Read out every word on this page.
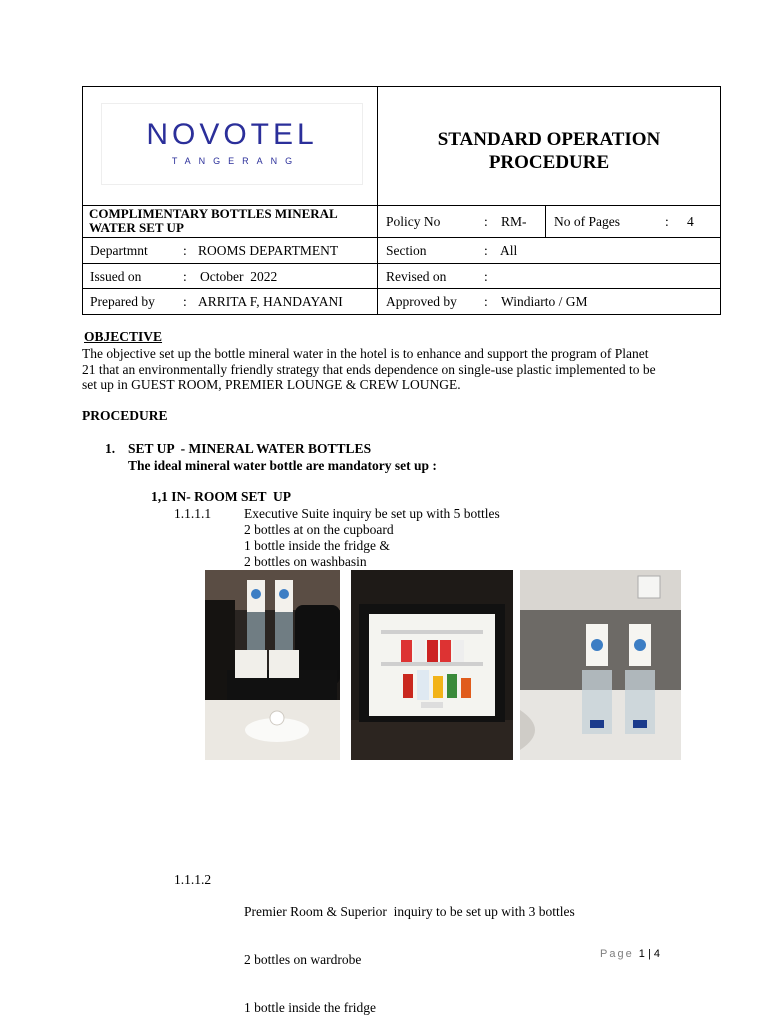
NOVOTEL
TANGERANG
STANDARD OPERATION
PROCEDURE
COMPLIMENTARY BOTTLES MINERAL WATER SET UP	Policy No	: RM- No of Pages	: 4
Departmnt	: ROOMS DEPARTMENT	Section	: All
Issued on	: October  2022	Revised on	:
Prepared by : ARRITA F, HANDAYANI	Approved by : Windiarto / GM
OBJECTIVE
The objective set up the bottle mineral water in the hotel is to enhance and support the program of Planet
21 that an environmentally friendly strategy that ends dependence on single-use plastic implemented to be
set up in GUEST ROOM, PREMIER LOUNGE & CREW LOUNGE.
PROCEDURE
1. SET UP  - MINERAL WATER BOTTLES
The ideal mineral water bottle are mandatory set up :
1,1 IN- ROOM SET  UP
1.1.1.1 Executive Suite inquiry be set up with 5 bottles
2 bottles at on the cupboard
1 bottle inside the fridge &
2 bottles on washbasin
1.1.1.2

Premier Room & Superior  inquiry to be set up with 3 bottles

2 bottles on wardrobe

1 bottle inside the fridge

Page 1 | 4
